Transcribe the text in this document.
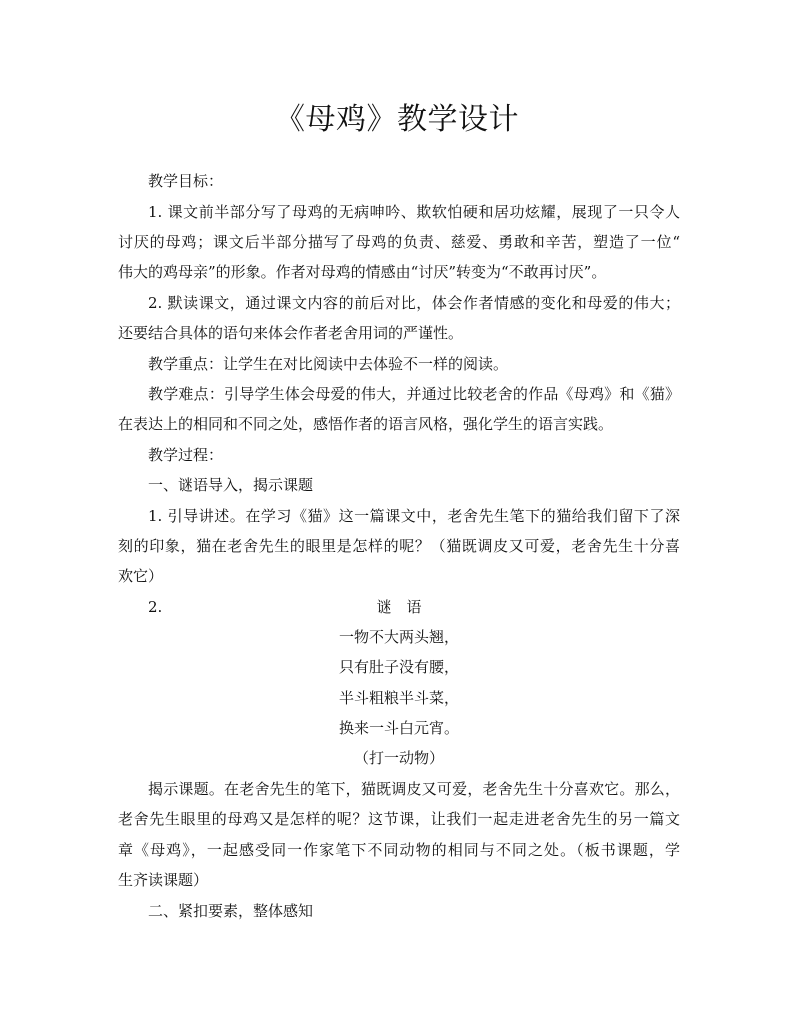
《母鸡》教学设计
教学目标：
1. 课文前半部分写了母鸡的无病呻吟、欺软怕硬和居功炫耀，展现了一只令人
讨厌的母鸡；课文后半部分描写了母鸡的负责、慈爱、勇敢和辛苦，塑造了一位“
伟大的鸡母亲”的形象。作者对母鸡的情感由“讨厌”转变为“不敢再讨厌”。
2. 默读课文，通过课文内容的前后对比，体会作者情感的变化和母爱的伟大；
还要结合具体的语句来体会作者老舍用词的严谨性。
教学重点：让学生在对比阅读中去体验不一样的阅读。
教学难点：引导学生体会母爱的伟大，并通过比较老舍的作品《母鸡》和《猫》
在表达上的相同和不同之处，感悟作者的语言风格，强化学生的语言实践。
教学过程：
一、谜语导入，揭示课题
1. 引导讲述。在学习《猫》这一篇课文中，老舍先生笔下的猫给我们留下了深
刻的印象，猫在老舍先生的眼里是怎样的呢？（猫既调皮又可爱，老舍先生十分喜
欢它）
2.	谜　语
一物不大两头翘，
只有肚子没有腰，
半斗粗粮半斗菜，
换来一斗白元宵。
（打一动物）
揭示课题。在老舍先生的笔下，猫既调皮又可爱，老舍先生十分喜欢它。那么，
老舍先生眼里的母鸡又是怎样的呢？这节课，让我们一起走进老舍先生的另一篇文
章《母鸡》，一起感受同一作家笔下不同动物的相同与不同之处。（板书课题，学
生齐读课题）
二、紧扣要素，整体感知
